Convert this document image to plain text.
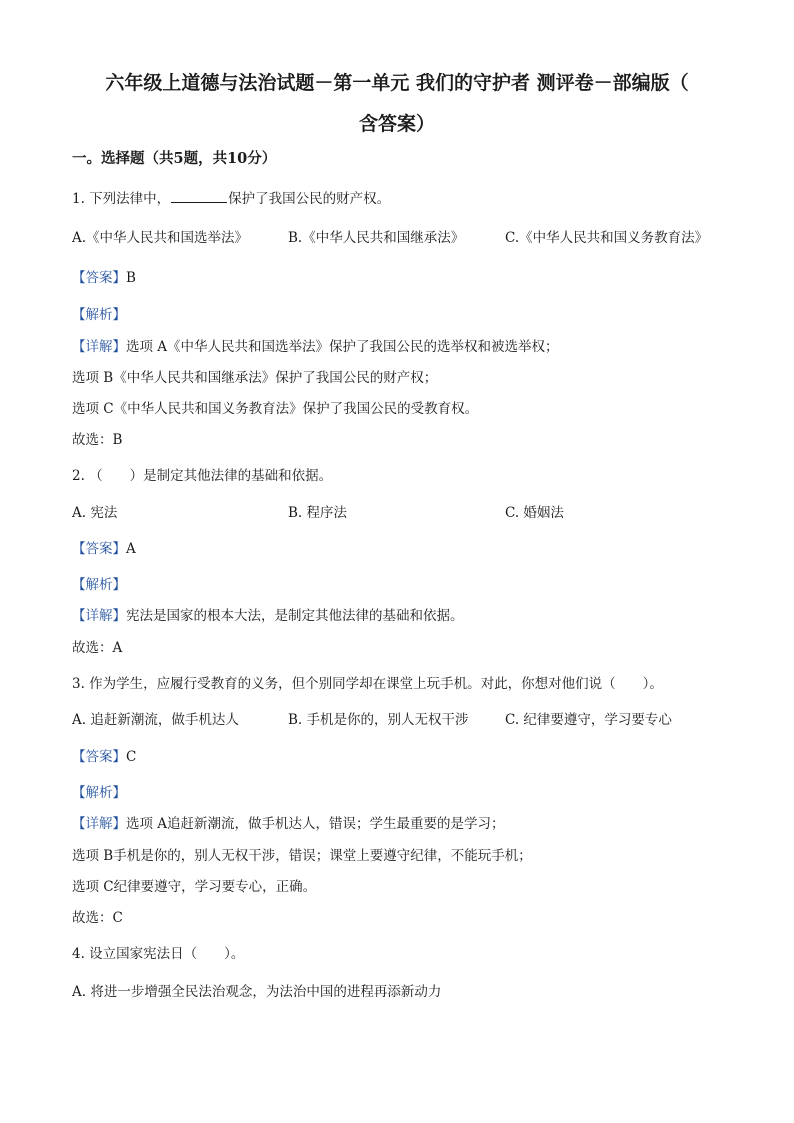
六年级上道德与法治试题－第一单元 我们的守护者 测评卷－部编版（
含答案）
一。选择题（共5题，共10分）
1. 下列法律中，	保护了我国公民的财产权。
A.《中华人民共和国选举法》	B.《中华人民共和国继承法》	C.《中华人民共和国义务教育法》
【答案】B
【解析】
【详解】选项 A《中华人民共和国选举法》保护了我国公民的选举权和被选举权；
选项 B《中华人民共和国继承法》保护了我国公民的财产权；
选项 C《中华人民共和国义务教育法》保护了我国公民的受教育权。
故选：B
2. （　　）是制定其他法律的基础和依据。
A. 宪法	B. 程序法	C. 婚姻法
【答案】A
【解析】
【详解】宪法是国家的根本大法，是制定其他法律的基础和依据。
故选：A
3. 作为学生，应履行受教育的义务，但个别同学却在课堂上玩手机。对此，你想对他们说（　　）。
A. 追赶新潮流，做手机达人	B. 手机是你的，别人无权干涉	C. 纪律要遵守，学习要专心
【答案】C
【解析】
【详解】选项 A追赶新潮流，做手机达人，错误；学生最重要的是学习；
选项 B手机是你的，别人无权干涉，错误；课堂上要遵守纪律，不能玩手机；
选项 C纪律要遵守，学习要专心，正确。
故选：C
4. 设立国家宪法日（　　）。
A. 将进一步增强全民法治观念，为法治中国的进程再添新动力
